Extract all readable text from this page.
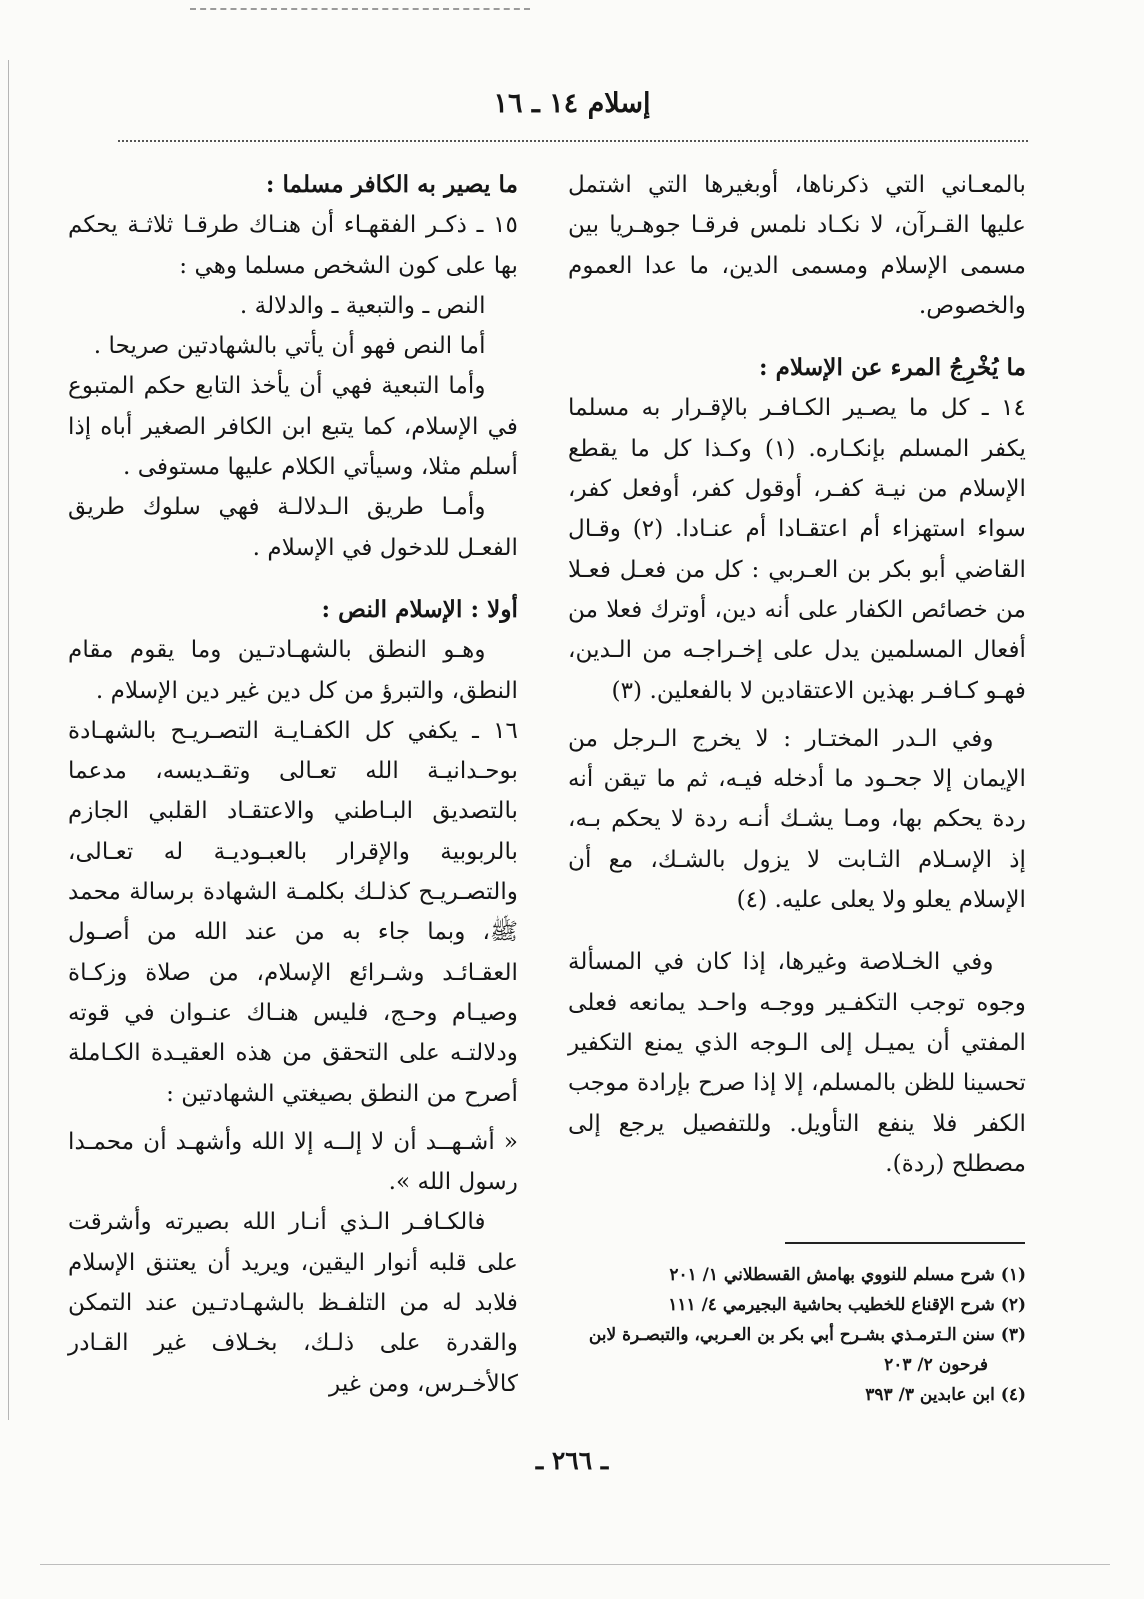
إسلام ١٤ ـ ١٦

بالمعـاني التي ذكرناها، أوبغيرها التي اشتمل عليها القـرآن، لا نكـاد نلمس فرقـا جوهـريا بين مسمى الإسلام ومسمى الدين، ما عدا العموم والخصوص.

ما يُخْرِجُ المرء عن الإسلام :

١٤ ـ كل ما يصـير الكـافـر بالإقـرار به مسلما يكفر المسلم بإنكـاره. (١) وكـذا كل ما يقطع الإسلام من نيـة كفـر، أوقول كفر، أوفعل كفر، سواء استهزاء أم اعتقـادا أم عنـادا. (٢) وقـال القاضي أبو بكر بن العـربي : كل من فعـل فعـلا من خصائص الكفار على أنه دين، أوترك فعلا من أفعال المسلمين يدل على إخـراجـه من الـدين، فهـو كـافـر بهذين الاعتقادين لا بالفعلين. (٣)

وفي الـدر المختـار : لا يخرج الـرجل من الإيمان إلا جحـود ما أدخله فيـه، ثم ما تيقن أنه ردة يحكم بها، ومـا يشـك أنـه ردة لا يحكم بـه، إذ الإسـلام الثـابت لا يزول بالشـك، مع أن الإسلام يعلو ولا يعلى عليه. (٤)

وفي الخـلاصة وغيرها، إذا كان في المسألة وجوه توجب التكفـير ووجـه واحـد يمانعه فعلى المفتي أن يميـل إلى الـوجه الذي يمنع التكفير تحسينا للظن بالمسلم، إلا إذا صرح بإرادة موجب الكفر فلا ينفع التأويل. وللتفصيل يرجع إلى مصطلح (ردة).

ما يصير به الكافر مسلما :

١٥ ـ ذكـر الفقهـاء أن هنـاك طرقـا ثلاثـة يحكم بها على كون الشخص مسلما وهي :

النص ـ والتبعية ـ والدلالة .

أما النص فهو أن يأتي بالشهادتين صريحا .

وأما التبعية فهي أن يأخذ التابع حكم المتبوع في الإسلام، كما يتبع ابن الكافر الصغير أباه إذا أسلم مثلا، وسيأتي الكلام عليها مستوفى .

وأمـا طريق الـدلالـة فهي سلوك طريق الفعـل للدخول في الإسلام .

أولا : الإسلام النص :

وهـو النطق بالشهـادتـين وما يقوم مقام النطق، والتبرؤ من كل دين غير دين الإسلام .

١٦ ـ يكفي كل الكفـايـة التصـريـح بالشهـادة بوحـدانيـة الله تعـالى وتقـديسه، مدعما بالتصديق البـاطني والاعتقـاد القلبي الجازم بالربوبية والإقرار بالعبـوديـة له تعـالى، والتصـريـح كذلـك بكلمـة الشهادة برسالة محمد ﷺ، وبما جاء به من عند الله من أصـول العقـائـد وشـرائع الإسلام، من صلاة وزكـاة وصيـام وحـج، فليس هنـاك عنـوان في قوته ودلالتـه على التحقق من هذه العقيـدة الكـاملة أصرح من النطق بصيغتي الشهادتين :

« أشـهــد أن لا إلــه إلا الله وأشهـد أن محمـدا رسول الله ».

فالكـافـر الـذي أنـار الله بصيرته وأشرقت على قلبه أنوار اليقين، ويريد أن يعتنق الإسلام فلابد له من التلفـظ بالشهـادتـين عند التمكن والقدرة على ذلـك، بخـلاف غير القـادر كالأخـرس، ومن غير

(١) شرح مسلم للنووي بهامش القسطلاني ١/ ٢٠١

(٢) شرح الإقناع للخطيب بحاشية البجيرمي ٤/ ١١١

(٣) سنن الـترمـذي بشـرح أبي بكر بن العـربي، والتبصـرة لابن

فرحون ٢/ ٢٠٣

(٤) ابن عابدين ٣/ ٣٩٣

ـ ٢٦٦ ـ
